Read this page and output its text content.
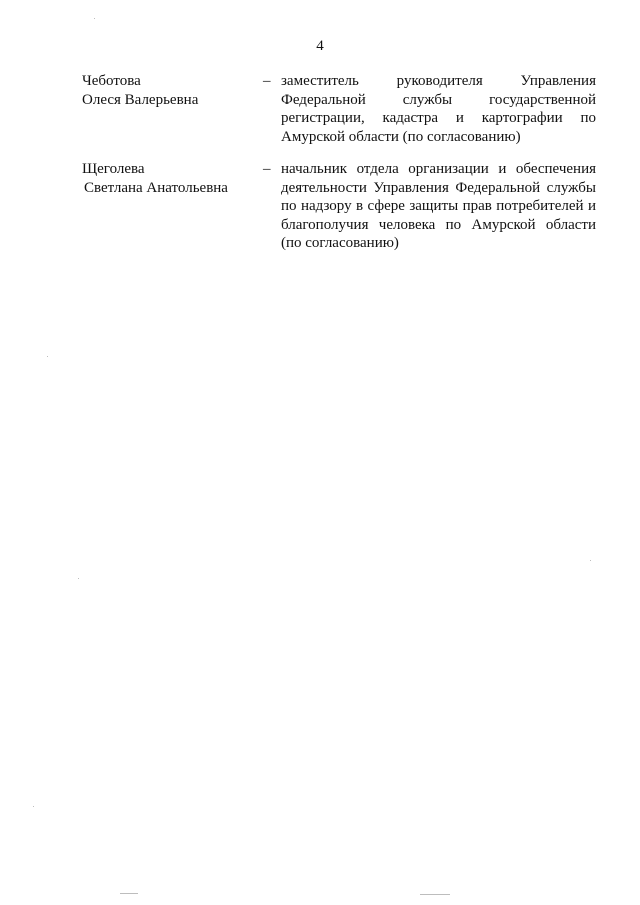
4
Чеботова
Олеся Валерьевна
– заместитель руководителя Управления
Федеральной службы государственной
регистрации, кадастра и картографии по
Амурской области (по согласованию)
Щеголева
Светлана Анатольевна
– начальник отдела организации и обеспечения
деятельности Управления Федеральной службы
по надзору в сфере защиты прав потребителей и
благополучия человека по Амурской области
(по согласованию)
